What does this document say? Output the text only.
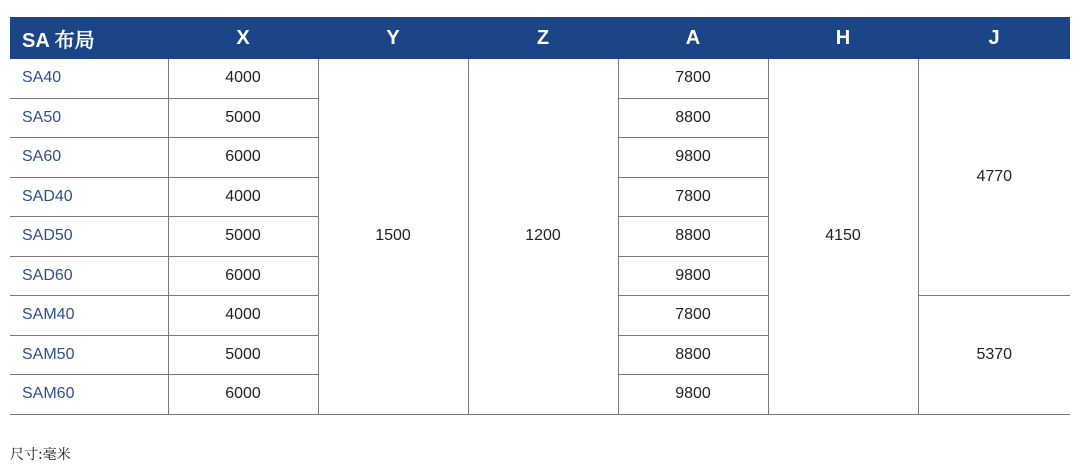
SA 布局	X	Y	Z	A	H	J
SA40	4000	1500	1200	7800	4150	4770
SA50	5000			8800		
SA60	6000			9800		
SAD40	4000			7800		
SAD50	5000			8800		
SAD60	6000			9800		
SAM40	4000			7800		5370
SAM50	5000			8800		
SAM60	6000			9800		
尺寸:毫米
